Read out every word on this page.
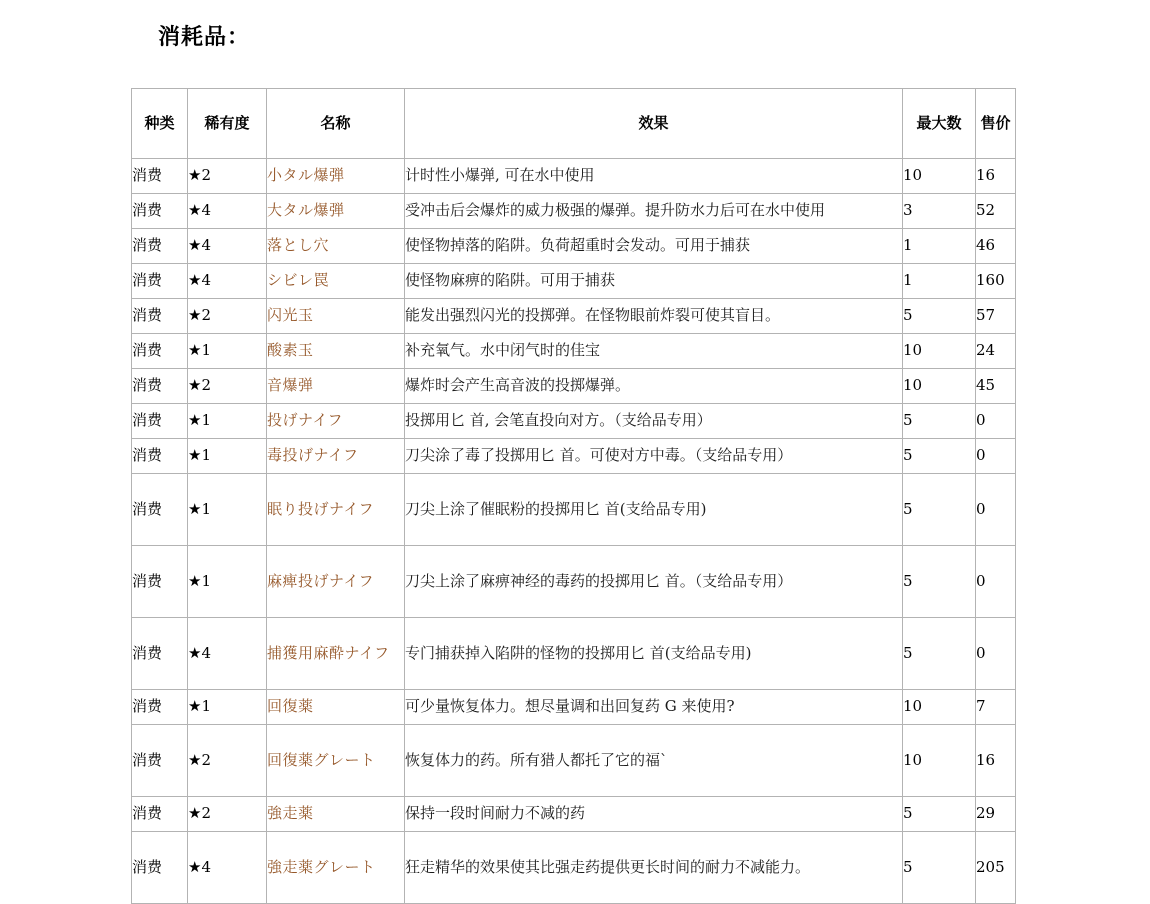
消耗品：
种类	稀有度	名称	效果	最大数	售价
消费	★2	小タル爆弾	计时性小爆弹, 可在水中使用	10	16
消费	★4	大タル爆弾	受冲击后会爆炸的威力极强的爆弹。提升防水力后可在水中使用	3	52
消费	★4	落とし穴	使怪物掉落的陷阱。负荷超重时会发动。可用于捕获	1	46
消费	★4	シビレ罠	使怪物麻痹的陷阱。可用于捕获	1	160
消费	★2	闪光玉	能发出强烈闪光的投掷弹。在怪物眼前炸裂可使其盲目。	5	57
消费	★1	酸素玉	补充氧气。水中闭气时的佳宝	10	24
消费	★2	音爆弹	爆炸时会产生高音波的投掷爆弹。	10	45
消费	★1	投げナイフ	投掷用匕 首, 会笔直投向对方。（支给品专用）	5	0
消费	★1	毒投げナイフ	刀尖涂了毒了投掷用匕 首。可使对方中毒。（支给品专用）	5	0
消费	★1	眠り投げナイフ	刀尖上涂了催眠粉的投掷用匕 首(支给品专用)	5	0
消费	★1	麻痺投げナイフ	刀尖上涂了麻痹神经的毒药的投掷用匕 首。（支给品专用）	5	0
消费	★4	捕獲用麻酔ナイフ	专门捕获掉入陷阱的怪物的投掷用匕 首(支给品专用)	5	0
消费	★1	回復薬	可少量恢复体力。想尽量调和出回复药 G 来使用?	10	7
消费	★2	回復薬グレート	恢复体力的药。所有猎人都托了它的福`	10	16
消费	★2	強走薬	保持一段时间耐力不减的药	5	29
消费	★4	強走薬グレート	狂走精华的效果使其比强走药提供更长时间的耐力不减能力。	5	205
